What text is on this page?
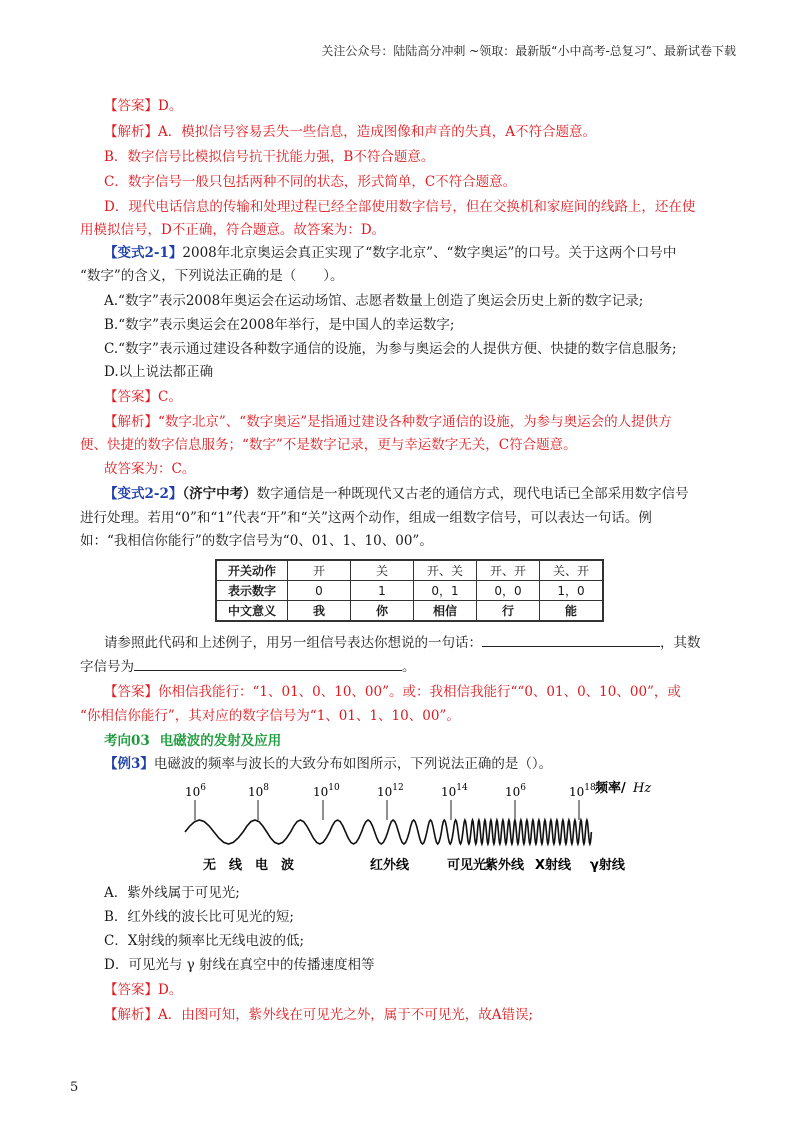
关注公众号：陆陆高分冲刺 ~领取：最新版“小中高考-总复习”、最新试卷下载
【答案】D。
【解析】A．模拟信号容易丢失一些信息，造成图像和声音的失真，A不符合题意。
B．数字信号比模拟信号抗干扰能力强，B不符合题意。
C．数字信号一般只包括两种不同的状态，形式简单，C不符合题意。
D．现代电话信息的传输和处理过程已经全部使用数字信号，但在交换机和家庭间的线路上，还在使
用模拟信号，D不正确，符合题意。故答案为：D。
【变式2-1】2008年北京奥运会真正实现了“数字北京”、“数字奥运”的口号。关于这两个口号中
“数字”的含义，下列说法正确的是（　　）。
A.“数字”表示2008年奥运会在运动场馆、志愿者数量上创造了奥运会历史上新的数字记录;
B.“数字”表示奥运会在2008年举行，是中国人的幸运数字;
C.“数字”表示通过建设各种数字通信的设施，为参与奥运会的人提供方便、快捷的数字信息服务;
D.以上说法都正确
【答案】C。
【解析】“数字北京”、“数字奥运”是指通过建设各种数字通信的设施，为参与奥运会的人提供方
便、快捷的数字信息服务；“数字”不是数字记录，更与幸运数字无关，C符合题意。
故答案为：C。
【变式2-2】（济宁中考）数字通信是一种既现代又古老的通信方式，现代电话已全部采用数字信号
进行处理。若用“0”和“1”代表“开”和“关”这两个动作，组成一组数字信号，可以表达一句话。例
如：“我相信你能行”的数字信号为“0、01、1、10、00”。
开关动作	开	关	开、关	开、开	关、开
表示数字	0	1	0，1	0，0	1，0
中文意义	我	你	相信	行	能
请参照此代码和上述例子，用另一组信号表达你想说的一句话：	，其数
字信号为	。
【答案】你相信我能行：“1、01、0、10、00”。或：我相信我能行““0、01、0、10、00”，或
“你相信你能行”，其对应的数字信号为“1、01、1、10、00”。
考向03 电磁波的发射及应用
【例3】电磁波的频率与波长的大致分布如图所示，下列说法正确的是（）。
$10^6$	$10^8$	$10^{10}$	$10^{12}$	$10^{14}$	$10^6$	$10^{18}$ 频率/ Hz
无　线　电　波	红外线	可见光
紫外线 X射线 γ射线
A．紫外线属于可见光;
B．红外线的波长比可见光的短;
C．X射线的频率比无线电波的低;
D．可见光与 γ 射线在真空中的传播速度相等
【答案】D。
【解析】A．由图可知，紫外线在可见光之外，属于不可见光，故A错误;
5
